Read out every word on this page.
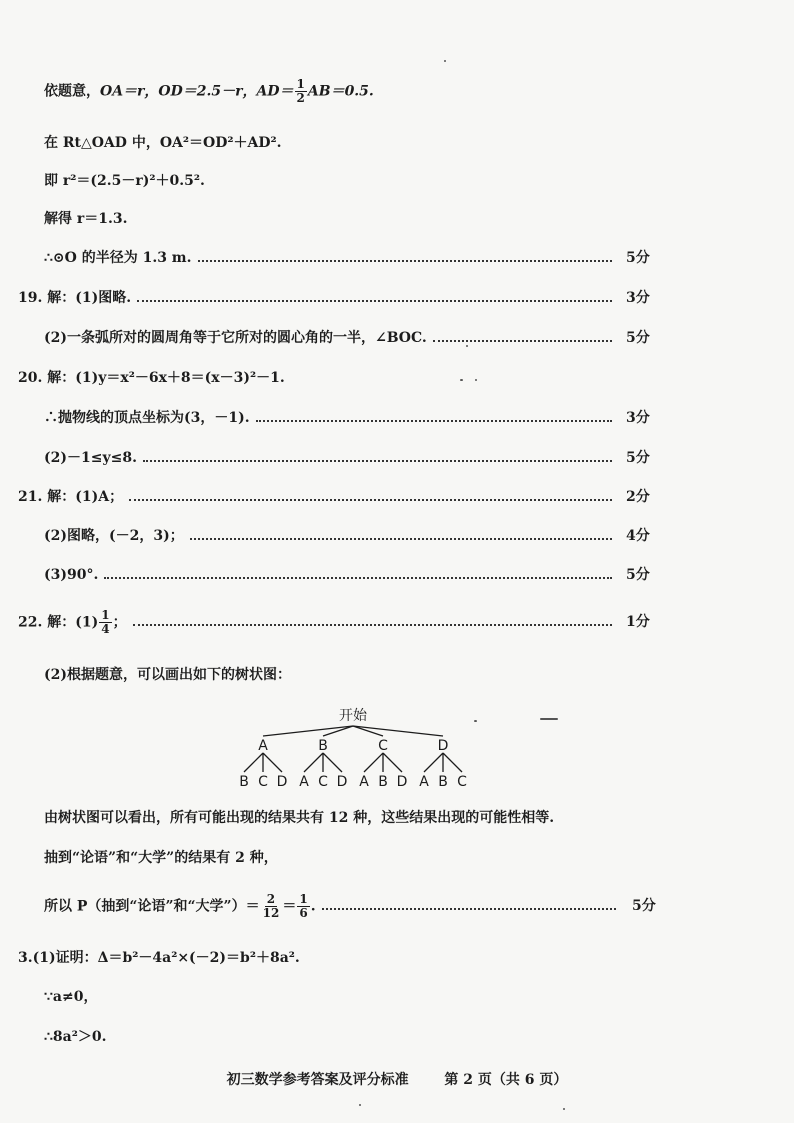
依题意，OA＝r，OD＝2.5－r，$AD= \frac{1}{2} AB=0.5$.
在 Rt△OAD 中，OA²＝OD²＋AD².
即 r²＝(2.5－r)²＋0.5².
解得 r＝1.3.
∴⊙O 的半径为 1.3 m.	5分
19. 解：(1)图略.	3分
(2)一条弧所对的圆周角等于它所对的圆心角的一半，∠BOC.	5分
20. 解：(1)y＝x²－6x＋8＝(x－3)²－1.
∴抛物线的顶点坐标为(3，－1).	3分
(2)－1≤y≤8.	5分
21. 解：(1)A；	2分
(2)图略，(－2，3)；	4分
(3)90°.	5分
22. 解：$(1) \frac{1}{4}$ ；	1分
(2)根据题意，可以画出如下的树状图：
开始
A
B C D
B
A C D
C
A B D
D
A B C
由树状图可以看出，所有可能出现的结果共有 12 种，这些结果出现的可能性相等.
抽到“论语”和“大学”的结果有 2 种，
所以 P（抽到“论语”和“大学”）＝ $\frac{2}{12} = \frac{1}{6}$ .	5分
3.(1)证明：Δ＝b²－4a²×(－2)＝b²＋8a².
∵a≠0，
∴8a²＞0.
初三数学参考答案及评分标准	第 2 页（共 6 页）
